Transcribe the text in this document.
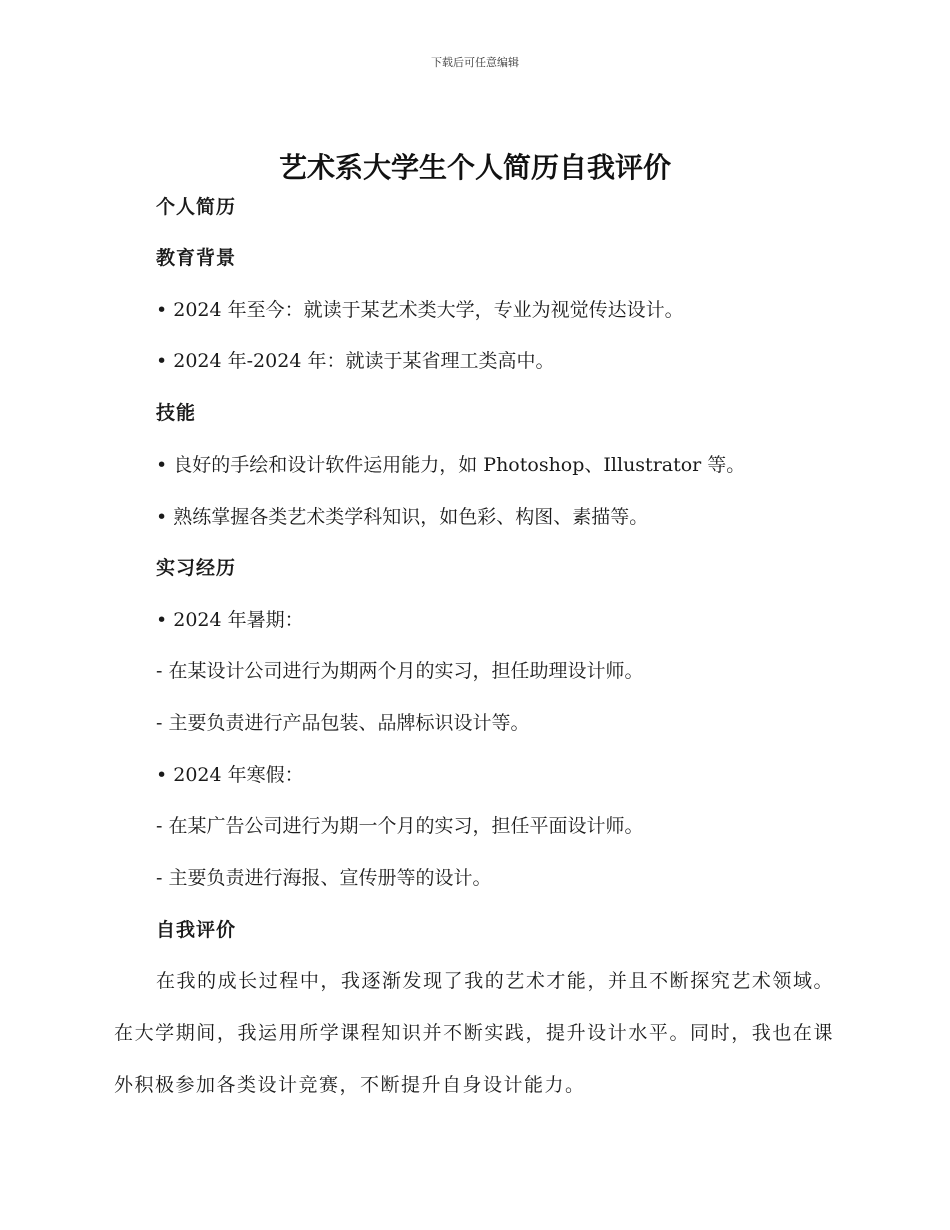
下载后可任意编辑
艺术系大学生个人简历自我评价
个人简历
教育背景
• 2024 年至今：就读于某艺术类大学，专业为视觉传达设计。
• 2024 年-2024 年：就读于某省理工类高中。
技能
• 良好的手绘和设计软件运用能力，如 Photoshop、Illustrator 等。
• 熟练掌握各类艺术类学科知识，如色彩、构图、素描等。
实习经历
• 2024 年暑期：
- 在某设计公司进行为期两个月的实习，担任助理设计师。
- 主要负责进行产品包装、品牌标识设计等。
• 2024 年寒假：
- 在某广告公司进行为期一个月的实习，担任平面设计师。
- 主要负责进行海报、宣传册等的设计。
自我评价
在我的成长过程中，我逐渐发现了我的艺术才能，并且不断探究艺术领域。在大学期间，我运用所学课程知识并不断实践，提升设计水平。同时，我也在课外积极参加各类设计竞赛，不断提升自身设计能力。
